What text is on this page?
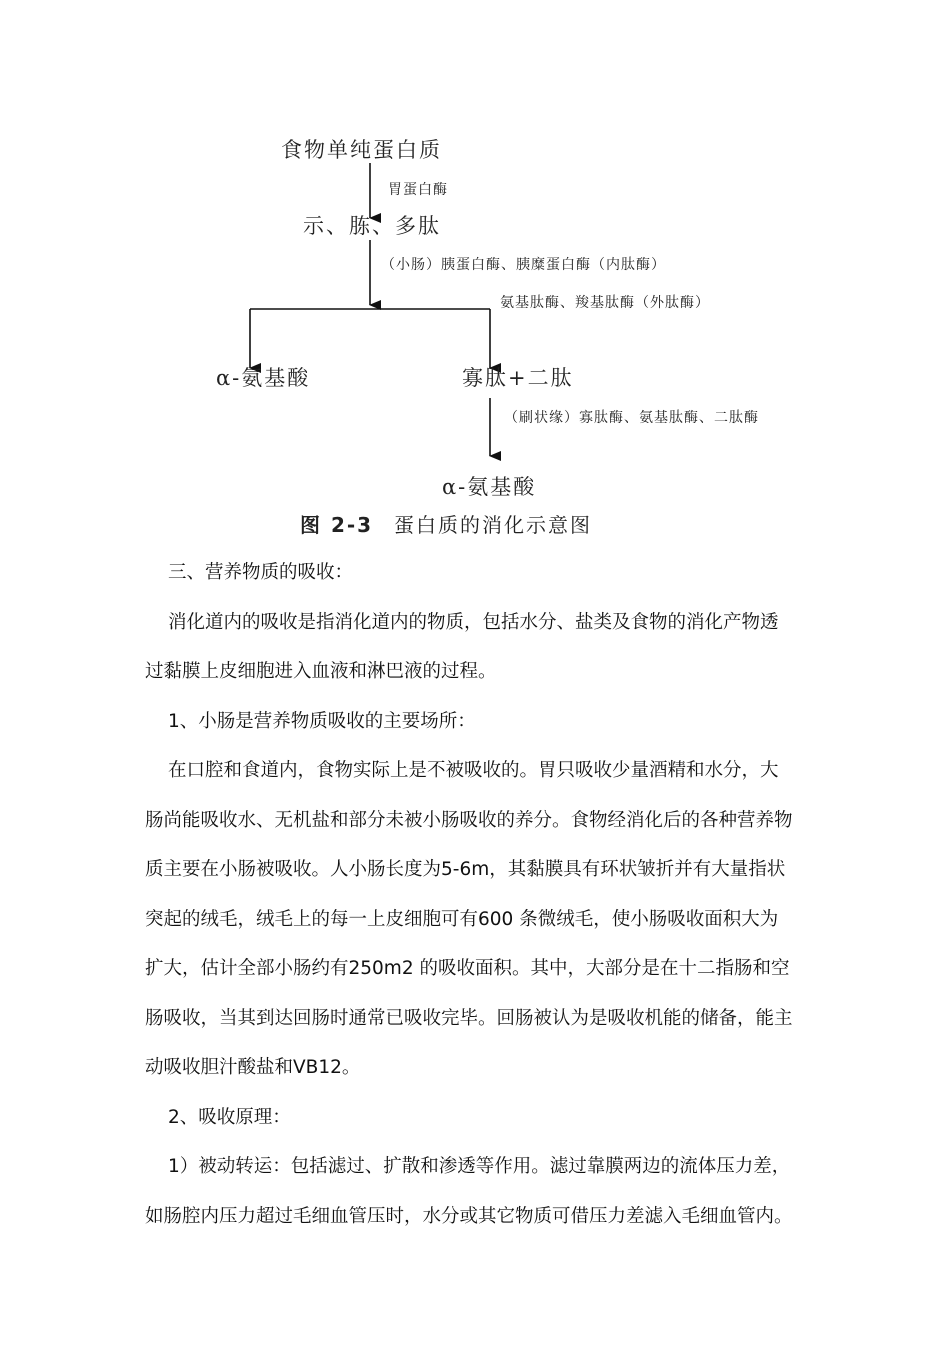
食物单纯蛋白质
胃蛋白酶
示、胨、多肽
（小肠）胰蛋白酶、胰糜蛋白酶（内肽酶）
氨基肽酶、羧基肽酶（外肽酶）
α-氨基酸	寡肽+二肽
（刷状缘）寡肽酶、氨基肽酶、二肽酶
α-氨基酸
图 2-3 蛋白质的消化示意图

三、营养物质的吸收：

消化道内的吸收是指消化道内的物质，包括水分、盐类及食物的消化产物透

过黏膜上皮细胞进入血液和淋巴液的过程。

1、小肠是营养物质吸收的主要场所：

在口腔和食道内，食物实际上是不被吸收的。胃只吸收少量酒精和水分，大

肠尚能吸收水、无机盐和部分未被小肠吸收的养分。食物经消化后的各种营养物

质主要在小肠被吸收。人小肠长度为5-6m，其黏膜具有环状皱折并有大量指状

突起的绒毛，绒毛上的每一上皮细胞可有600 条微绒毛，使小肠吸收面积大为

扩大，估计全部小肠约有250m2 的吸收面积。其中，大部分是在十二指肠和空

肠吸收，当其到达回肠时通常已吸收完毕。回肠被认为是吸收机能的储备，能主

动吸收胆汁酸盐和VB12。

2、吸收原理：

1）被动转运：包括滤过、扩散和渗透等作用。滤过靠膜两边的流体压力差，

如肠腔内压力超过毛细血管压时，水分或其它物质可借压力差滤入毛细血管内。
